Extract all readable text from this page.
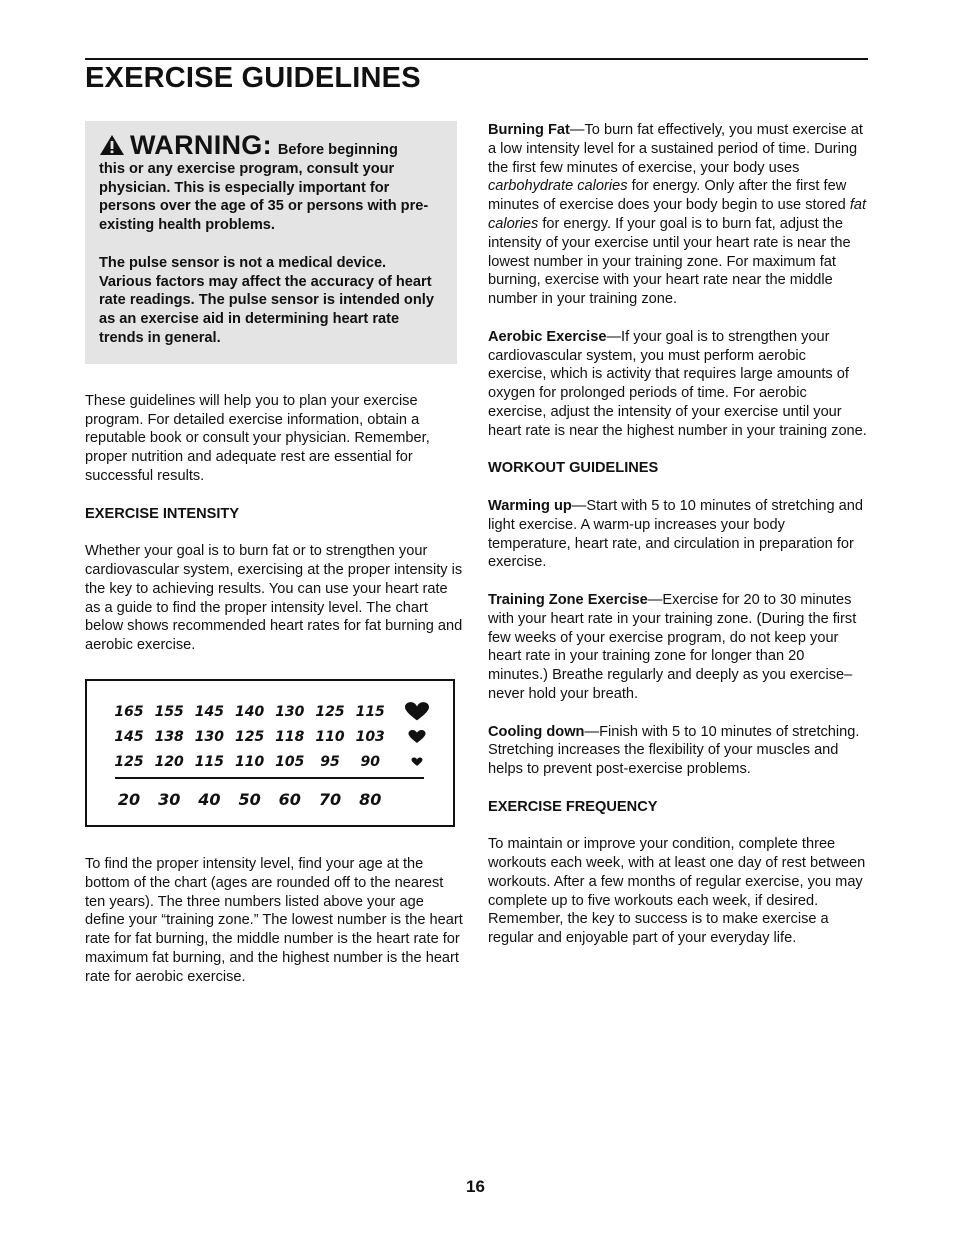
EXERCISE GUIDELINES
WARNING: Before beginning

this or any exercise program, consult your physician. This is especially important for persons over the age of 35 or persons with pre-existing health problems.

The pulse sensor is not a medical device. Various factors may affect the accuracy of heart rate readings. The pulse sensor is intended only as an exercise aid in determining heart rate trends in general.

These guidelines will help you to plan your exercise program. For detailed exercise information, obtain a reputable book or consult your physician. Remember, proper nutrition and adequate rest are essential for successful results.

EXERCISE INTENSITY

Whether your goal is to burn fat or to strengthen your cardiovascular system, exercising at the proper intensity is the key to achieving results. You can use your heart rate as a guide to find the proper intensity level. The chart below shows recommended heart rates for fat burning and aerobic exercise.

165 155 145 140 130 125 115
145 138 130 125 118 110 103
125 120 115 110 105 95 90
20 30 40 50 60 70 80

To find the proper intensity level, find your age at the bottom of the chart (ages are rounded off to the nearest ten years). The three numbers listed above your age define your “training zone.” The lowest number is the heart rate for fat burning, the middle number is the heart rate for maximum fat burning, and the highest number is the heart rate for aerobic exercise.

Burning Fat—To burn fat effectively, you must exercise at a low intensity level for a sustained period of time. During the first few minutes of exercise, your body uses carbohydrate calories for energy. Only after the first few minutes of exercise does your body begin to use stored fat calories for energy. If your goal is to burn fat, adjust the intensity of your exercise until your heart rate is near the lowest number in your training zone. For maximum fat burning, exercise with your heart rate near the middle number in your training zone.

Aerobic Exercise—If your goal is to strengthen your cardiovascular system, you must perform aerobic exercise, which is activity that requires large amounts of oxygen for prolonged periods of time. For aerobic exercise, adjust the intensity of your exercise until your heart rate is near the highest number in your training zone.

WORKOUT GUIDELINES

Warming up—Start with 5 to 10 minutes of stretching and light exercise. A warm-up increases your body temperature, heart rate, and circulation in preparation for exercise.

Training Zone Exercise—Exercise for 20 to 30 minutes with your heart rate in your training zone. (During the first few weeks of your exercise program, do not keep your heart rate in your training zone for longer than 20 minutes.) Breathe regularly and deeply as you exercise–never hold your breath.

Cooling down—Finish with 5 to 10 minutes of stretching. Stretching increases the flexibility of your muscles and helps to prevent post-exercise problems.

EXERCISE FREQUENCY

To maintain or improve your condition, complete three workouts each week, with at least one day of rest between workouts. After a few months of regular exercise, you may complete up to five workouts each week, if desired. Remember, the key to success is to make exercise a regular and enjoyable part of your everyday life.

16
